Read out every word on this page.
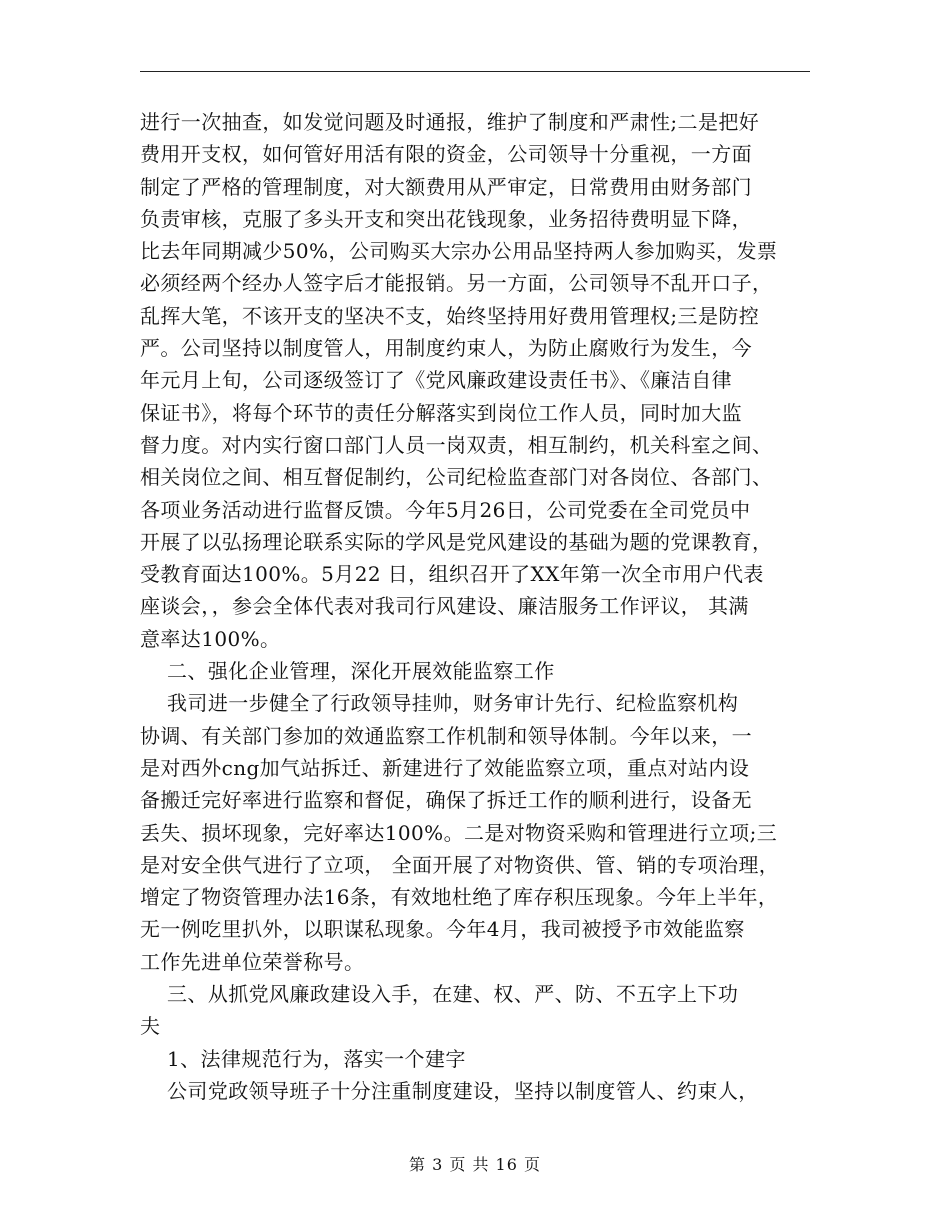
进行一次抽查，如发觉问题及时通报，维护了制度和严肃性;二是把好
费用开支权，如何管好用活有限的资金，公司领导十分重视，一方面
制定了严格的管理制度，对大额费用从严审定，日常费用由财务部门
负责审核，克服了多头开支和突出花钱现象，业务招待费明显下降，
比去年同期减少50%，公司购买大宗办公用品坚持两人参加购买，发票
必须经两个经办人签字后才能报销。另一方面，公司领导不乱开口子，
乱挥大笔，不该开支的坚决不支，始终坚持用好费用管理权;三是防控
严。公司坚持以制度管人，用制度约束人，为防止腐败行为发生，今
年元月上旬，公司逐级签订了《党风廉政建设责任书》、《廉洁自律
保证书》，将每个环节的责任分解落实到岗位工作人员，同时加大监
督力度。对内实行窗口部门人员一岗双责，相互制约，机关科室之间、
相关岗位之间、相互督促制约，公司纪检监查部门对各岗位、各部门、
各项业务活动进行监督反馈。今年5月26日，公司党委在全司党员中
开展了以弘扬理论联系实际的学风是党风建设的基础为题的党课教育，
受教育面达100%。5月22 日，组织召开了XX年第一次全市用户代表
座谈会，，参会全体代表对我司行风建设、廉洁服务工作评议， 其满
意率达100%。
二、强化企业管理，深化开展效能监察工作
我司进一步健全了行政领导挂帅，财务审计先行、纪检监察机构
协调、有关部门参加的效通监察工作机制和领导体制。今年以来，一
是对西外cng加气站拆迁、新建进行了效能监察立项，重点对站内设
备搬迁完好率进行监察和督促，确保了拆迁工作的顺利进行，设备无
丢失、损坏现象，完好率达100%。二是对物资采购和管理进行立项;三
是对安全供气进行了立项， 全面开展了对物资供、管、销的专项治理，
增定了物资管理办法16条，有效地杜绝了库存积压现象。今年上半年，
无一例吃里扒外，以职谋私现象。今年4月，我司被授予市效能监察
工作先进单位荣誉称号。
三、从抓党风廉政建设入手，在建、权、严、防、不五字上下功
夫
1、法律规范行为，落实一个建字
公司党政领导班子十分注重制度建设，坚持以制度管人、约束人，
第 3 页 共 16 页
